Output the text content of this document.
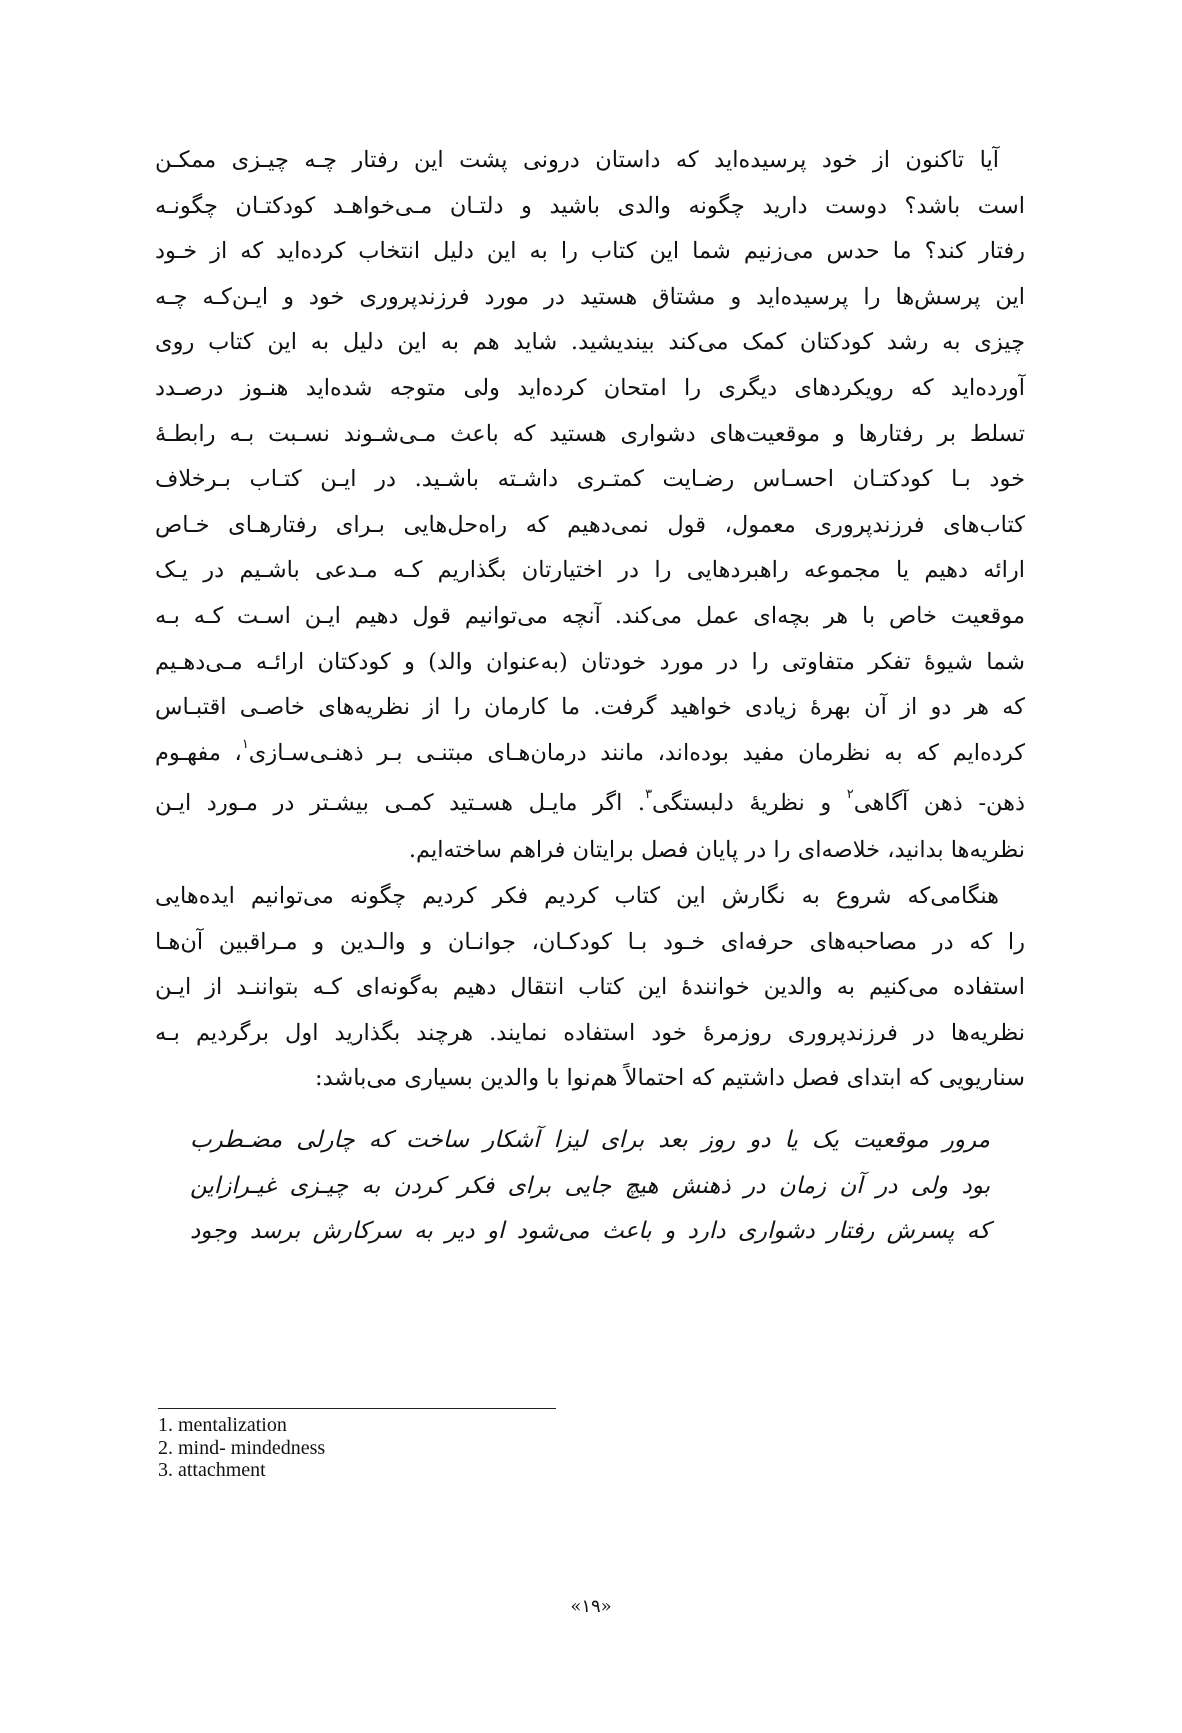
آیا تاکنون از خود پرسیده‌اید که داستان درونی پشت این رفتار چـه چیـزی ممکـن
است باشد؟ دوست دارید چگونه والدی باشید و دلتـان مـی‌خواهـد کودکتـان چگونـه
رفتار کند؟ ما حدس می‌زنیم شما این کتاب را به این دلیل انتخاب کرده‌اید که از خـود
این پرسش‌ها را پرسیده‌اید و مشتاق هستید در مورد فرزندپروری خود و ایـن‌کـه چـه
چیزی به رشد کودکتان کمک می‌کند بیندیشید. شاید هم به این دلیل به این کتاب روی
آورده‌اید که رویکردهای دیگری را امتحان کرده‌اید ولی متوجه شده‌اید هنـوز درصـدد
تسلط بر رفتارها و موقعیت‌های دشواری هستید که باعث مـی‌شـوند نسـبت بـه رابطـهٔ
خود بـا کودکتـان احسـاس رضـایت کمتـری داشـته باشـید. در ایـن کتـاب بـرخلاف
کتاب‌های فرزندپروری معمول، قول نمی‌دهیم که راه‌حل‌هایی بـرای رفتارهـای خـاص
ارائه دهیم یا مجموعه راهبردهایی را در اختیارتان بگذاریم کـه مـدعی باشـیم در یـک
موقعیت خاص با هر بچه‌ای عمل می‌کند. آنچه می‌توانیم قول دهیم ایـن اسـت کـه بـه
شما شیوهٔ تفکر متفاوتی را در مورد خودتان (به‌عنوان والد) و کودکتان ارائـه مـی‌دهـیم
که هر دو از آن بهرهٔ زیادی خواهید گرفت. ما کارمان را از نظریه‌های خاصـی اقتبـاس
کرده‌ایم که به نظرمان مفید بوده‌اند، مانند درمان‌هـای مبتنـی بـر ذهنـی‌سـازی$^۱$، مفهـوم
ذهن- ذهن آگاهی$^۲$ و نظریهٔ دلبستگی$^۳$. اگر مایـل هسـتید کمـی بیشـتر در مـورد ایـن
نظریه‌ها بدانید، خلاصه‌ای را در پایان فصل برایتان فراهم ساخته‌ایم.
هنگامی‌که شروع به نگارش این کتاب کردیم فکر کردیم چگونه می‌توانیم ایده‌هایی
را که در مصاحبه‌های حرفه‌ای خـود بـا کودکـان، جوانـان و والـدین و مـراقبین آن‌هـا
استفاده می‌کنیم به والدین خوانندهٔ این کتاب انتقال دهیم به‌گونه‌ای کـه بتواننـد از ایـن
نظریه‌ها در فرزندپروری روزمرهٔ خود استفاده نمایند. هرچند بگذارید اول برگردیم بـه
سناریویی که ابتدای فصل داشتیم که احتمالاً هم‌نوا با والدین بسیاری می‌باشد:
مرور موقعیت یک یا دو روز بعد برای لیزا آشکار ساخت که چارلی مضـطرب
بود ولی در آن زمان در ذهنش هیچ جایی برای فکر کردن به چیـزی غیـرازاین
که پسرش رفتار دشواری دارد و باعث می‌شود او دیر به سرکارش برسد وجود
1. mentalization
2. mind- mindedness
3. attachment
«۱۹»
